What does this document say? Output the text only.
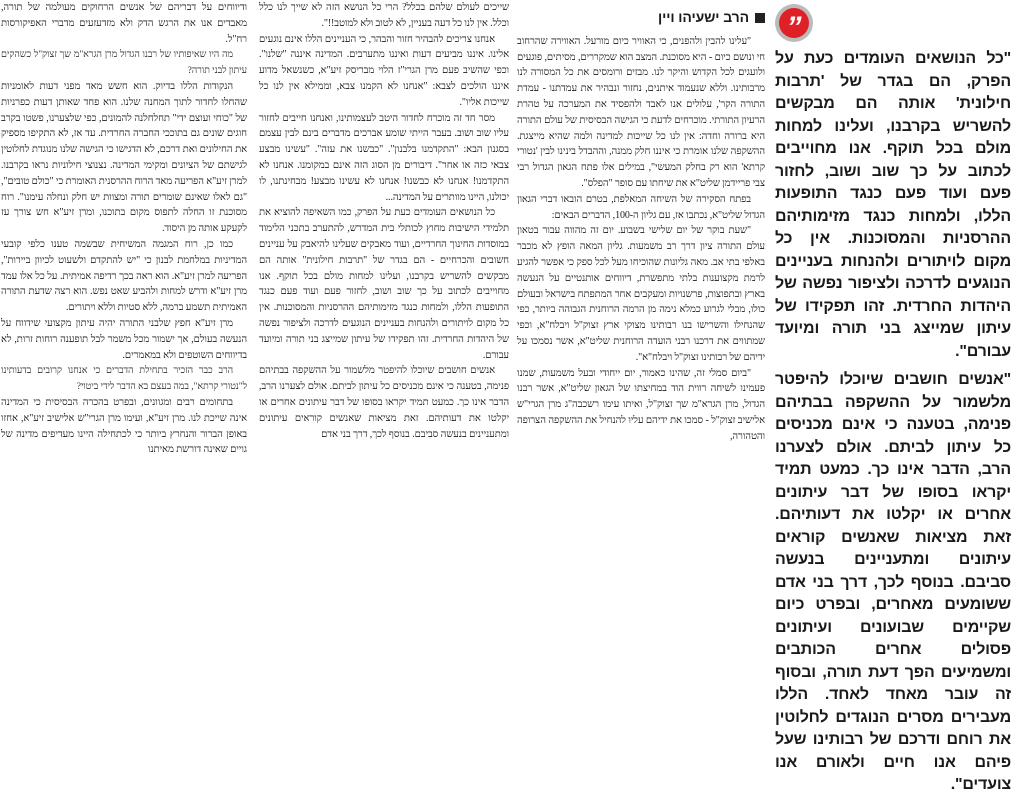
”

"כל הנושאים העומדים כעת על הפרק, הם בגדר של 'תרבות חילונית' אותה הם מבקשים להשריש בקרבנו, ועלינו למחות מולם בכל תוקף. אנו מחוייבים לכתוב על כך שוב ושוב, לחזור פעם ועוד פעם כנגד התופעות הללו, ולמחות כנגד מזימותיהם ההרסניות והמסוכנות. אין כל מקום לויתורים ולהנחות בעניינים הנוגעים לדרכה ולציפור נפשה של היהדות החרדית. זהו תפקידו של עיתון שמייצג בני תורה ומיועד עבורם".

"אנשים חושבים שיוכלו להיפטר מלשמור על ההשקפה בבתיהם פנימה, בטענה כי אינם מכניסים כל עיתון לביתם. אולם לצערנו הרב, הדבר אינו כך. כמעט תמיד יקראו בסופו של דבר עיתונים אחרים או יקלטו את דעותיהם. זאת מציאות שאנשים קוראים עיתונים ומתעניינים בנעשה סביבם. בנוסף לכך, דרך בני אדם ששומעים מאחרים, ובפרט כיום שקיימים שבועונים ועיתונים פסולים אחרים הכותבים ומשמיעים הפך דעת תורה, ובסוף זה עובר מאחד לאחד. הללו מעבירים מסרים הנוגדים לחלוטין את רוחם ודרכם של רבותינו שעל פיהם אנו חיים ולאורם אנו צועדים".

הרב ישעיהו ויין

"עלינו להבין ולהפנים, כי האוויר כיום מורעל. האווירה שהרחוב חי ונושם כיום - היא מסוכנת. המצב הוא שמקררים, מסיתים, פוגעים ולועגים לכל הקדוש והיקר לנו. מבזים ורומסים את כל המסורה לנו מרבותינו. וללא שנעמוד איתנים, נחזור ונבהיר את עמדתנו - עמדת התורה הקר', עלולים אנו לאבד ולהפסיד את המערכה על טהרת הרעיון התורתי. מוכרחים לדעת כי הגישה הבסיסית של עולם התורה היא ברורה וחדה: אין לנו כל שייכות למדינה ולמה שהיא מייצגת. ההשקפה שלנו אומרת כי איננו חלק ממנה, וההבדל בינינו לבין 'נטורי קרתא' הוא רק בחלק המעשי", במילים אלו פתח הגאון הגדול רבי צבי פריידמן שליט"א את שיחתו עם סופר "הפלס".

בפתח הסקירה של השיחה המאלפת, בטרם הובאו דברי הגאון הגדול שליט"א, נכתבו אז, עם גליון ה-100, הדברים הבאים:

"שעת בוקר של יום שלישי בשבוע. יום זה מהווה עבור בטאון עולם התורה ציון דרך רב משמעות. גליון המאה הופץ לא מכבר באלפי בתי אב. מאה גליונות שהוכיחו מעל לכל ספק כי אפשר להגיע לרמת מקצוענות בלתי מתפשרת, דיווחים אותנטיים על הנעשה בארץ ובתפוצות, פרשנויות ומעקבים אחר המתפתח בישראל ובעולם כולו, מבלי לגרוע כמלא נימה מן הרמה הרוחנית הגבוהה ביותר, כפי שהנחילו והשרישו בנו רבותינו מצוקי ארץ זצוק"ל ויבלח"א, וכפי שמתווים את דרכנו רבני הועדה הרוחנית שליט"א, אשר נסמכו על ידיהם של רבותינו זצוק"ל ויבלח"א".

"ביום סמלי זה, שהינו כאמור, יום ייחודי ובעל משמעות, שמנו פעמינו לשיחה רווית הוד במחיצתו של הגאון שליט"א, אשר רבנו הגדול, מרן הגרא"מ שך זצוק"ל, ואיתו עימו רשכבה"ג מרן הגרי"ש אלישיב זצוק"ל - סמכו את ידיהם עליו להנחיל את ההשקפה הצרופה והטהורה,

שייכים לעולם שלהם בכלל? הרי כל הנושא הזה לא שייך לנו כלל וכלל. אין לנו כל דעה בעניין, לא לטוב ולא למוטב!!".

אנחנו צריכים להבהיר חזור והבהר, כי העניינים הללו אינם נוגעים אלינו. איננו מביעים דעות ואיננו מתערבים. המדינה איננה "שלנו". וכפי שהשיב פעם מרן הגרי"ז הלוי מבריסק זיע"א, כשנשאל מדוע איננו הולכים לצבא: "אנחנו לא הקמנו צבא, וממילא אין לנו כל שייכות אליו".

מסר חד זה מוכרח לחדור היטב לעצמותינו, ואנחנו חייבים לחזור עליו שוב ושוב. בעבר הייתי שומע אברכים מדברים בינם לבין עצמם בסגנון הבא: "התקדמנו בלבנון". "כבשנו את עזה". "עשינו מבצע צבאי כזה או אחר". דיבורים מן הסוג הזה אינם במקומנו. אנחנו לא התקדמנו! אנחנו לא כבשנו! אנחנו לא עשינו מבצע! מבחינתנו, לו יכולנו, היינו מוותרים על המדינה...

כל הנושאים העומדים כעת על הפרק, כמו השאיפה להוציא את תלמידי הישיבות מחוץ לכותלי בית המדרש, להתערב בתכני הלימוד במוסדות החינוך החרדיים, ועוד מאבקים שעלינו להיאבק על עניינים חשובים והכרחיים - הם בגדר של "תרבות חילונית" אותה הם מבקשים להשריש בקרבנו, ועלינו למחות מולם בכל תוקף. אנו מחוייבים לכתוב על כך שוב ושוב, לחזור פעם ועוד פעם כנגד התופעות הללו, ולמחות כנגד מזימותיהם ההרסניות והמסוכנות. אין כל מקום לויתורים ולהנחות בעניינים הנוגעים לדרכה ולציפור נפשה של היהדות החרדית. זהו תפקידו של עיתון שמייצג בני תורה ומיועד עבורם.

אנשים חושבים שיוכלו להיפטר מלשמור על ההשקפה בבתיהם פנימה, בטענה כי אינם מכניסים כל עיתון לביתם. אולם לצערנו הרב, הדבר אינו כך. כמעט תמיד יקראו בסופו של דבר עיתונים אחרים או יקלטו את דעותיהם. זאת מציאות שאנשים קוראים עיתונים ומתעניינים בנעשה סביבם. בנוסף לכך, דרך בני אדם

ודיווחים על דבריהם של אנשים הרחוקים מעולמה של תורה, מאבדים אנו את הרגש הדק ולא מזדעזעים מדברי האפיקורסות רח"ל.

מה היו שאיפותיו של רבנו הגדול מרן הגרא"מ שך זצוק"ל כשהקים עיתון לבני תורה?

הנקודות הללו בדיוק. הוא חשש מאד מפני דעות לאומניות שהחלו לחדור לתוך המחנה שלנו. הוא פחד שאותן דעות כפרניות של "כוחי ועוצם ידי" תחלחלנה להמונים, כפי שלצערנו, פשטו בקרב חוגים שונים גם בתוככי החברה החרדית. עד אז, לא התקיפו מספיק את החילונים ואת דרכם, לא הדגישו כי הגישה שלנו מנוגדת לחלוטין לגישתם של הציונים ומקימי המדינה. נצנוצי חילוניות נראו בקרבנו. למרן זיע"א הפריעה מאד הרוח ההרסנית האומרת כי "כולם טובים", "גם לאלו שאינם שומרים תורה ומצוות יש חלק ונחלה עימנו". רוח מסוכנת זו החלה לתפוס מקום בתוכנו, ומרן זיע"א חש צורך עז לקעקע אותה מן היסוד.

כמו כן, רוח המגמה המשיחית שבשמה טענו כלפי קובעי המדיניות במלחמת לבנון כי "יש להתקדם ולשעוט לכיוון ביירות", הפריעה למרן זיע"א. הוא ראה בכך רדיפה אמיתית. על כל אלו עמד מרן זיע"א ודרש למחות ולהביע שאט נפש. הוא רצה שדעת התורה האמיתית תשמע ברמה, ללא סטיות וללא ויתורים.

מרן זיע"א חפץ שלבני התורה יהיה עיתון מקצועי שידווח על הנעשה בעולם, אך ישמור מכל משמר לבל תופענה רוחות זרות, לא בדיווחים השוטפים ולא במאמרים.

הרב כבר הזכיר בתחילת הדברים כי אנחנו קרובים בדעותינו ל"נטורי קרתא", במה בעצם בא הדבר לידי ביטוי?

בתחומים רבים ומגוונים, ובפרט בהכרה הבסיסית כי המדינה אינה שייכת לנו. מרן זיע"א, ועימו מרן הגרי"ש אלישיב זיע"א, אחזו באופן הברור והנחרץ ביותר כי לכתחילה היינו מעדיפים מדינה של גויים שאינה דורשת מאיתנו
